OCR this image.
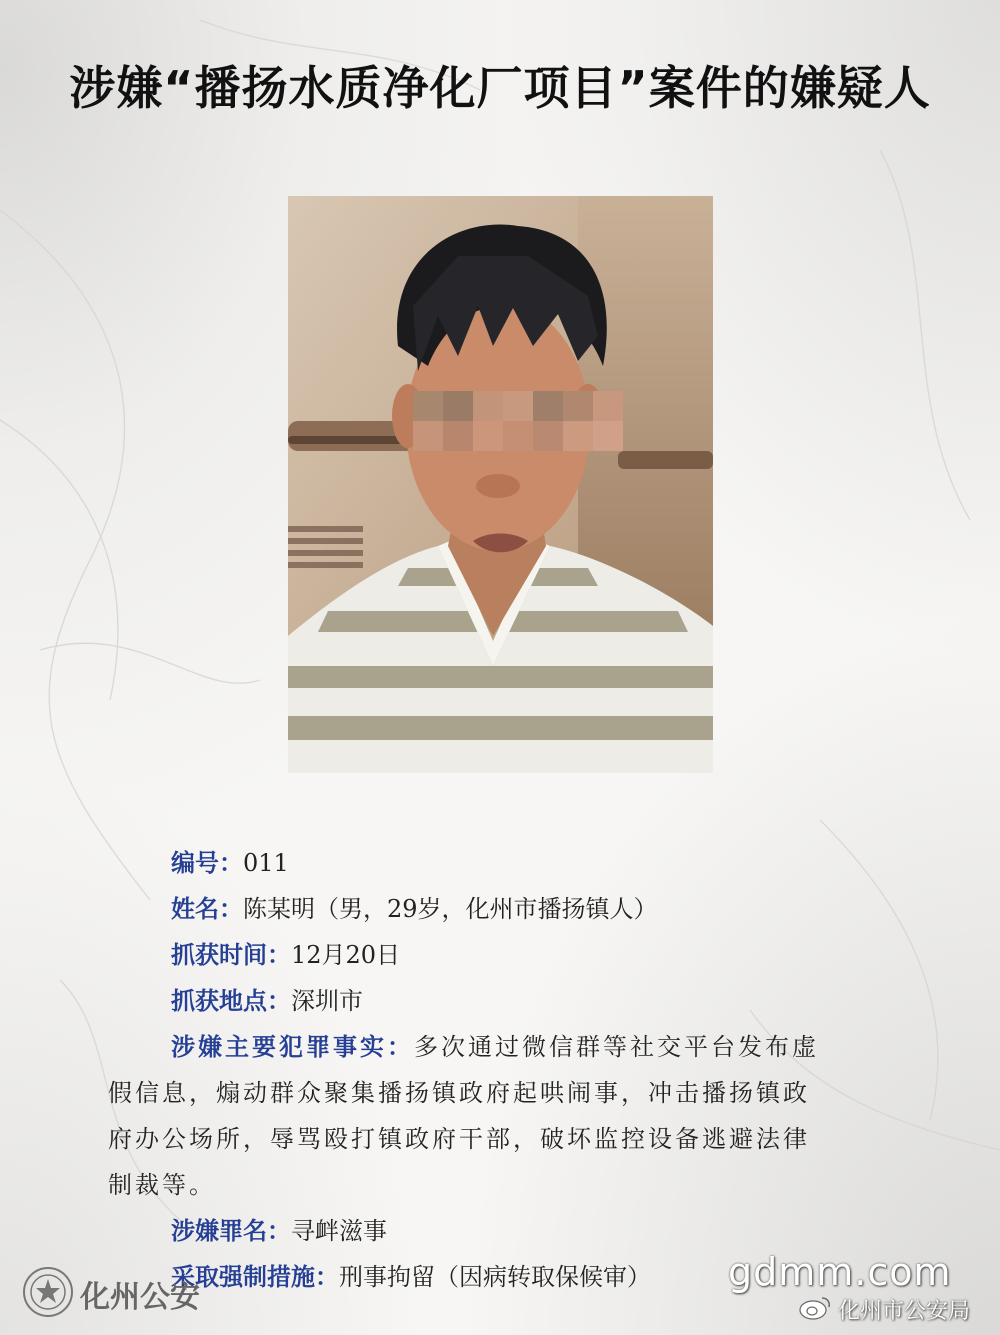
涉嫌“播扬水质净化厂项目”案件的嫌疑人
编号：011
姓名：陈某明（男，29岁，化州市播扬镇人）
抓获时间：12月20日
抓获地点：深圳市
涉嫌主要犯罪事实：多次通过微信群等社交平台发布虚
假信息，煽动群众聚集播扬镇政府起哄闹事，冲击播扬镇政
府办公场所，辱骂殴打镇政府干部，破坏监控设备逃避法律
制裁等。
涉嫌罪名：寻衅滋事
采取强制措施：刑事拘留（因病转取保候审）
化州公安
gdmm.com
化州市公安局
